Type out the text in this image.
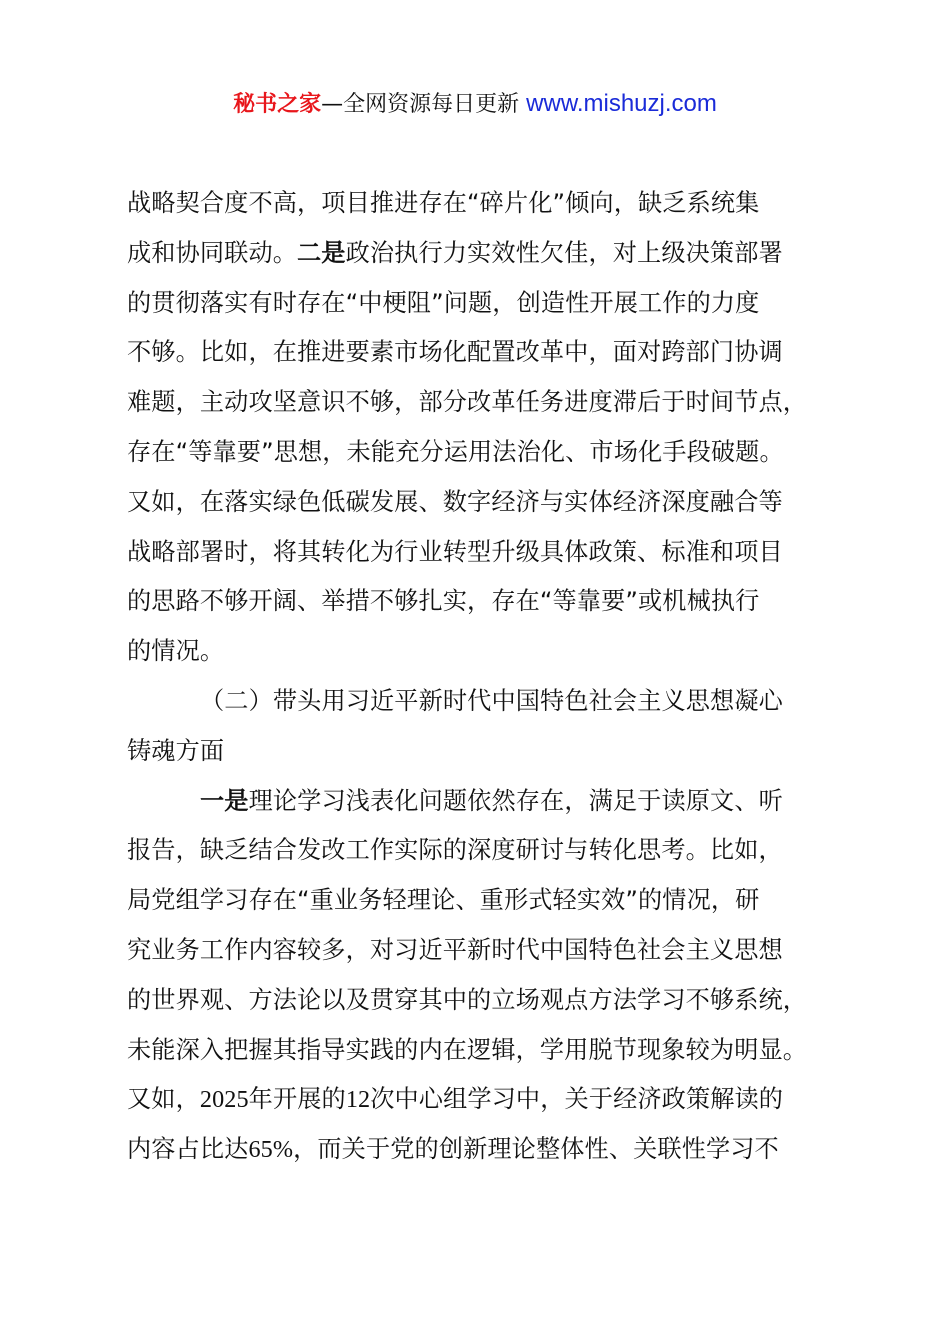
秘书之家—全网资源每日更新 www.mishuzj.com
战略契合度不高，项目推进存在“碎片化”倾向，缺乏系统集
成和协同联动。二是政治执行力实效性欠佳，对上级决策部署
的贯彻落实有时存在“中梗阻”问题，创造性开展工作的力度
不够。比如，在推进要素市场化配置改革中，面对跨部门协调
难题，主动攻坚意识不够，部分改革任务进度滞后于时间节点，
存在“等靠要”思想，未能充分运用法治化、市场化手段破题。
又如，在落实绿色低碳发展、数字经济与实体经济深度融合等
战略部署时，将其转化为行业转型升级具体政策、标准和项目
的思路不够开阔、举措不够扎实，存在“等靠要”或机械执行
的情况。
（二）带头用习近平新时代中国特色社会主义思想凝心
铸魂方面
一是理论学习浅表化问题依然存在，满足于读原文、听
报告，缺乏结合发改工作实际的深度研讨与转化思考。比如，
局党组学习存在“重业务轻理论、重形式轻实效”的情况，研
究业务工作内容较多，对习近平新时代中国特色社会主义思想
的世界观、方法论以及贯穿其中的立场观点方法学习不够系统，
未能深入把握其指导实践的内在逻辑，学用脱节现象较为明显。
又如，2025年开展的12次中心组学习中，关于经济政策解读的
内容占比达65%，而关于党的创新理论整体性、关联性学习不
